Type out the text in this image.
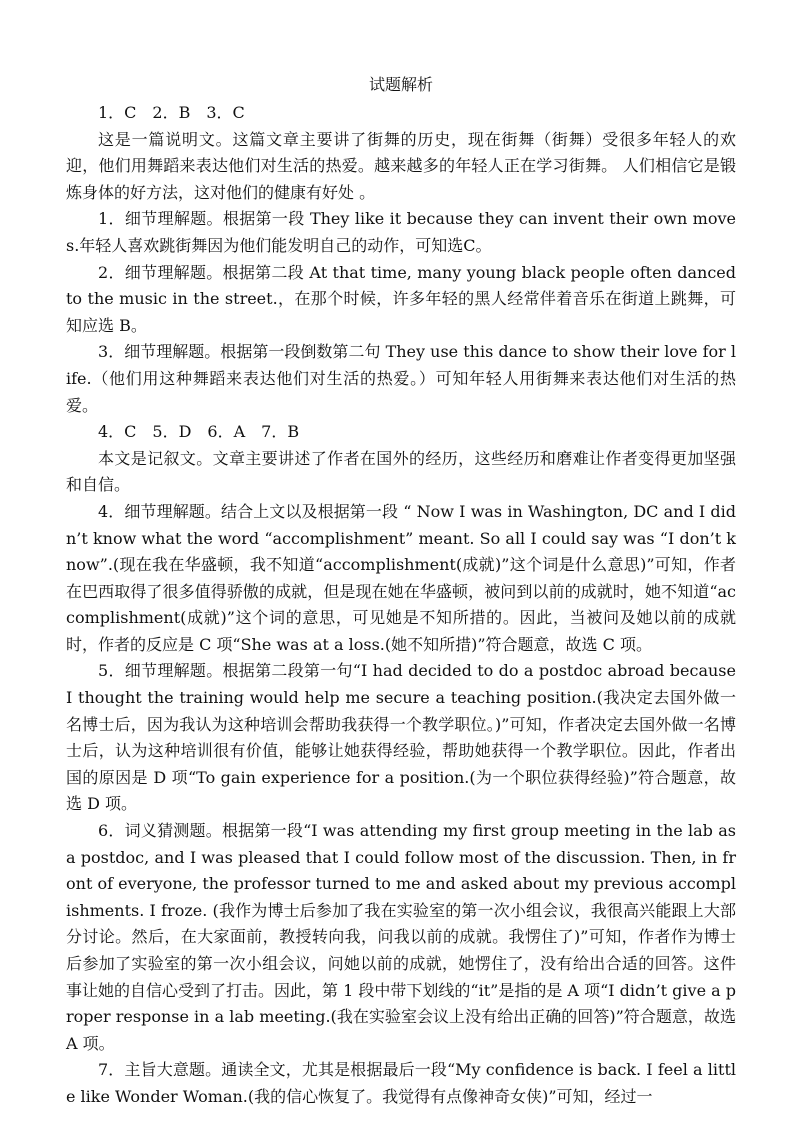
试题解析

1．C　2．B　3．C

这是一篇说明文。这篇文章主要讲了街舞的历史，现在街舞（街舞）受很多年轻人的欢迎，他们用舞蹈来表达他们对生活的热爱。越来越多的年轻人正在学习街舞。 人们相信它是锻炼身体的好方法，这对他们的健康有好处 。

1．细节理解题。根据第一段 They like it because they can invent their own moves.年轻人喜欢跳街舞因为他们能发明自己的动作，可知选C。

2．细节理解题。根据第二段 At that time, many young black people often danced to the music in the street.，在那个时候，许多年轻的黑人经常伴着音乐在街道上跳舞，可知应选 B。

3．细节理解题。根据第一段倒数第二句 They use this dance to show their love for life.（他们用这种舞蹈来表达他们对生活的热爱。）可知年轻人用街舞来表达他们对生活的热爱。

4．C　5．D　6．A　7．B

本文是记叙文。文章主要讲述了作者在国外的经历，这些经历和磨难让作者变得更加坚强和自信。

4．细节理解题。结合上文以及根据第一段 “ Now I was in Washington, DC and I didn’t know what the word “accomplishment” meant. So all I could say was “I don’t know”.(现在我在华盛顿，我不知道“accomplishment(成就)”这个词是什么意思)”可知，作者在巴西取得了很多值得骄傲的成就，但是现在她在华盛顿，被问到以前的成就时，她不知道“accomplishment(成就)”这个词的意思，可见她是不知所措的。因此，当被问及她以前的成就时，作者的反应是 C 项“She was at a loss.(她不知所措)”符合题意，故选 C 项。

5．细节理解题。根据第二段第一句“I had decided to do a postdoc abroad because I thought the training would help me secure a teaching position.(我决定去国外做一名博士后，因为我认为这种培训会帮助我获得一个教学职位。)”可知，作者决定去国外做一名博士后，认为这种培训很有价值，能够让她获得经验，帮助她获得一个教学职位。因此，作者出国的原因是 D 项“To gain experience for a position.(为一个职位获得经验)”符合题意，故选 D 项。

6．词义猜测题。根据第一段“I was attending my first group meeting in the lab as a postdoc, and I was pleased that I could follow most of the discussion. Then, in front of everyone, the professor turned to me and asked about my previous accomplishments. I froze. (我作为博士后参加了我在实验室的第一次小组会议，我很高兴能跟上大部分讨论。然后，在大家面前，教授转向我，问我以前的成就。我愣住了)”可知，作者作为博士后参加了实验室的第一次小组会议，问她以前的成就，她愣住了，没有给出合适的回答。这件事让她的自信心受到了打击。因此，第 1 段中带下划线的“it”是指的是 A 项“I didn’t give a proper response in a lab meeting.(我在实验室会议上没有给出正确的回答)”符合题意，故选 A 项。

7．主旨大意题。通读全文，尤其是根据最后一段“My confidence is back. I feel a little like Wonder Woman.(我的信心恢复了。我觉得有点像神奇女侠)”可知，经过一
